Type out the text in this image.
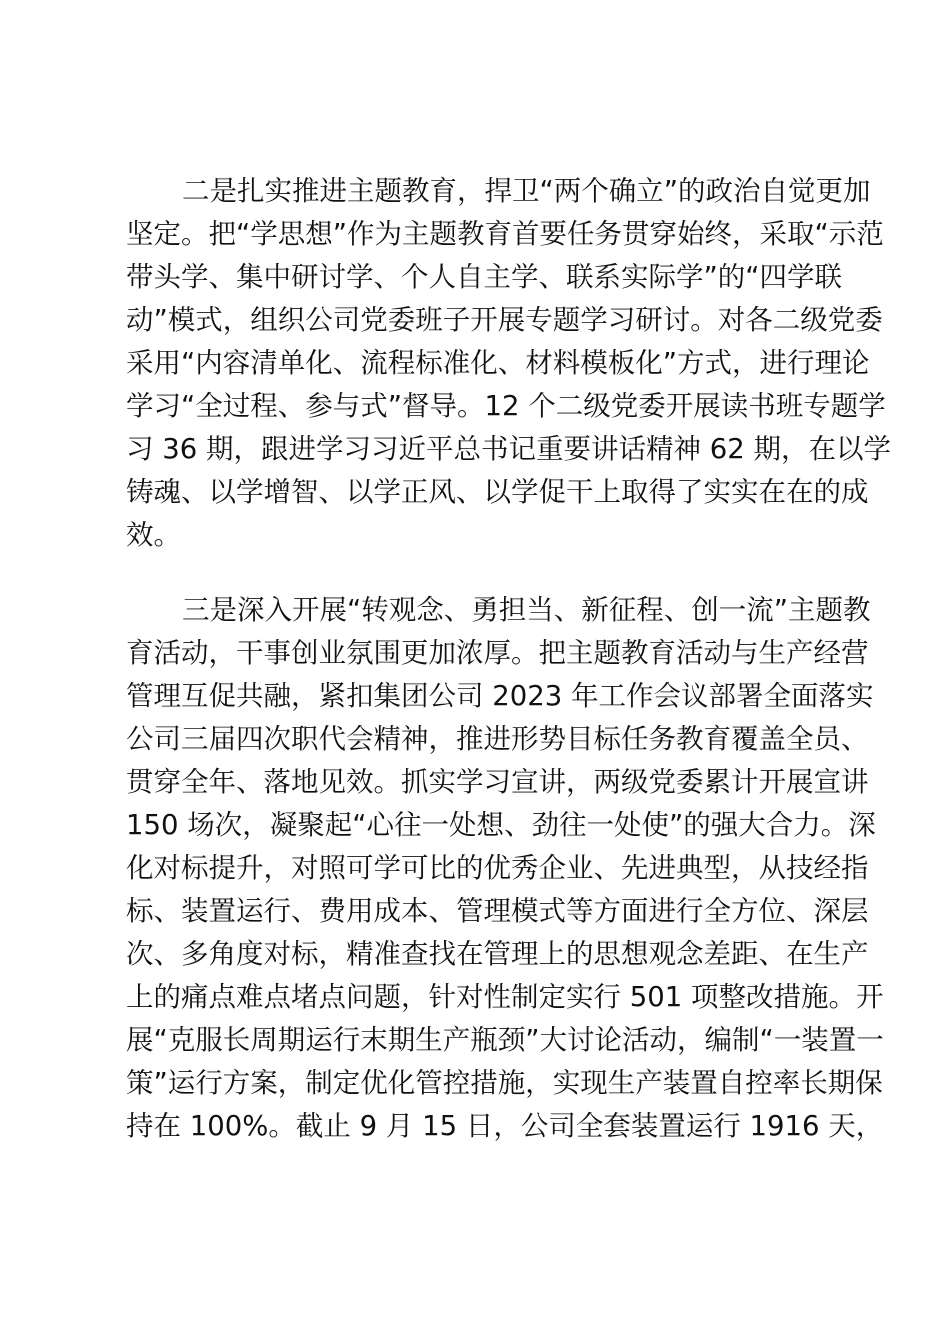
二是扎实推进主题教育，捍卫“两个确立”的政治自觉更加
坚定。把“学思想”作为主题教育首要任务贯穿始终，采取“示范
带头学、集中研讨学、个人自主学、联系实际学”的“四学联
动”模式，组织公司党委班子开展专题学习研讨。对各二级党委
采用“内容清单化、流程标准化、材料模板化”方式，进行理论
学习“全过程、参与式”督导。12 个二级党委开展读书班专题学
习 36 期，跟进学习习近平总书记重要讲话精神 62 期，在以学
铸魂、以学增智、以学正风、以学促干上取得了实实在在的成
效。
三是深入开展“转观念、勇担当、新征程、创一流”主题教
育活动，干事创业氛围更加浓厚。把主题教育活动与生产经营
管理互促共融，紧扣集团公司 2023 年工作会议部署全面落实
公司三届四次职代会精神，推进形势目标任务教育覆盖全员、
贯穿全年、落地见效。抓实学习宣讲，两级党委累计开展宣讲
150 场次，凝聚起“心往一处想、劲往一处使”的强大合力。深
化对标提升，对照可学可比的优秀企业、先进典型，从技经指
标、装置运行、费用成本、管理模式等方面进行全方位、深层
次、多角度对标，精准查找在管理上的思想观念差距、在生产
上的痛点难点堵点问题，针对性制定实行 501 项整改措施。开
展“克服长周期运行末期生产瓶颈”大讨论活动，编制“一装置一
策”运行方案，制定优化管控措施，实现生产装置自控率长期保
持在 100%。截止 9 月 15 日，公司全套装置运行 1916 天，
